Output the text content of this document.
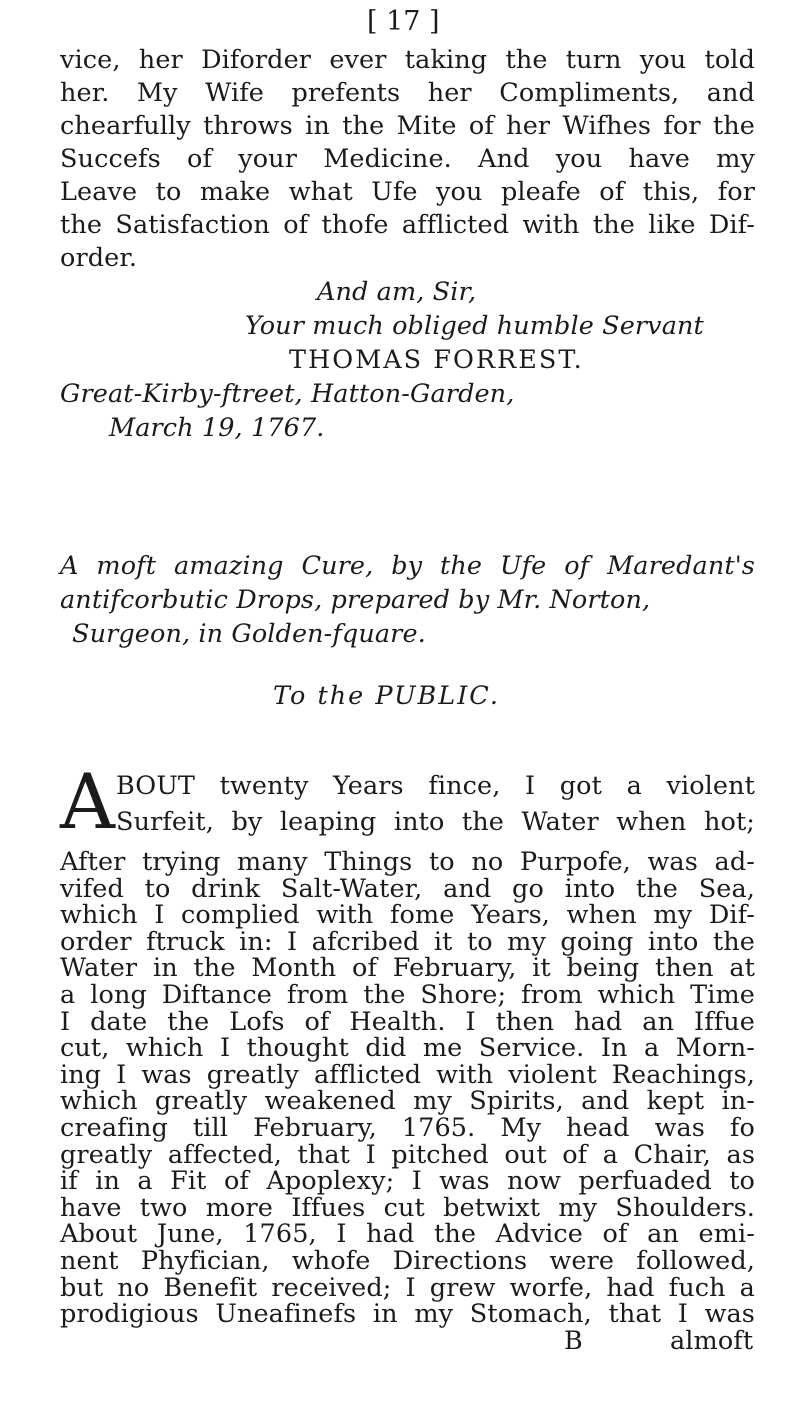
[ 17 ]
vice, her Diforder ever taking the turn you told
her. My Wife prefents her Compliments, and
chearfully throws in the Mite of her Wifhes for the
Succefs of your Medicine. And you have my
Leave to make what Ufe you pleafe of this, for
the Satisfaction of thofe afflicted with the like Dif-
order.
And am, Sir,
Your much obliged humble Servant
THOMAS FORREST.
Great-Kirby-ftreet, Hatton-Garden,
March 19, 1767.
A moft amazing Cure, by the Ufe of Maredant's
antifcorbutic Drops, prepared by Mr. Norton,
Surgeon, in Golden-fquare.
To the PUBLIC.
A BOUT twenty Years fince, I got a violent
Surfeit, by leaping into the Water when hot;
After trying many Things to no Purpofe, was ad-
vifed to drink Salt-Water, and go into the Sea,
which I complied with fome Years, when my Dif-
order ftruck in: I afcribed it to my going into the
Water in the Month of February, it being then at
a long Diftance from the Shore; from which Time
I date the Lofs of Health. I then had an Iffue
cut, which I thought did me Service. In a Morn-
ing I was greatly afflicted with violent Reachings,
which greatly weakened my Spirits, and kept in-
creafing till February, 1765. My head was fo
greatly affected, that I pitched out of a Chair, as
if in a Fit of Apoplexy; I was now perfuaded to
have two more Iffues cut betwixt my Shoulders.
About June, 1765, I had the Advice of an emi-
nent Phyfician, whofe Directions were followed,
but no Benefit received; I grew worfe, had fuch a
prodigious Uneafinefs in my Stomach, that I was
B	almoft
